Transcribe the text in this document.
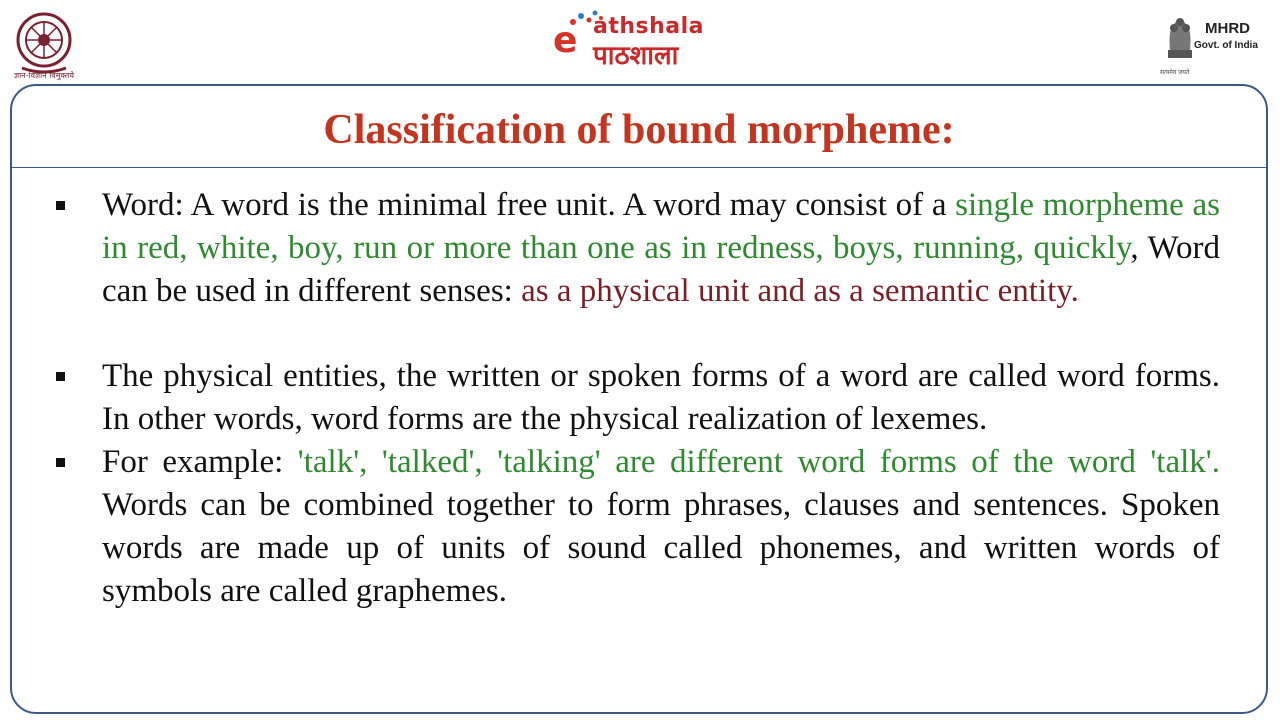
ज्ञान-विज्ञान विमुक्तये
e athshala
पाठशाला
MHRD
Govt. of India
सत्यमेव जयते
Classification of bound morpheme:
Word: A word is the minimal free unit. A word may consist of a single morpheme as in red, white, boy, run or more than one as in redness, boys, running, quickly, Word can be used in different senses: as a physical unit and as a semantic entity.
The physical entities, the written or spoken forms of a word are called word forms. In other words, word forms are the physical realization of lexemes.
For example: 'talk', 'talked', 'talking' are different word forms of the word 'talk'. Words can be combined together to form phrases, clauses and sentences. Spoken words are made up of units of sound called phonemes, and written words of symbols are called graphemes.
